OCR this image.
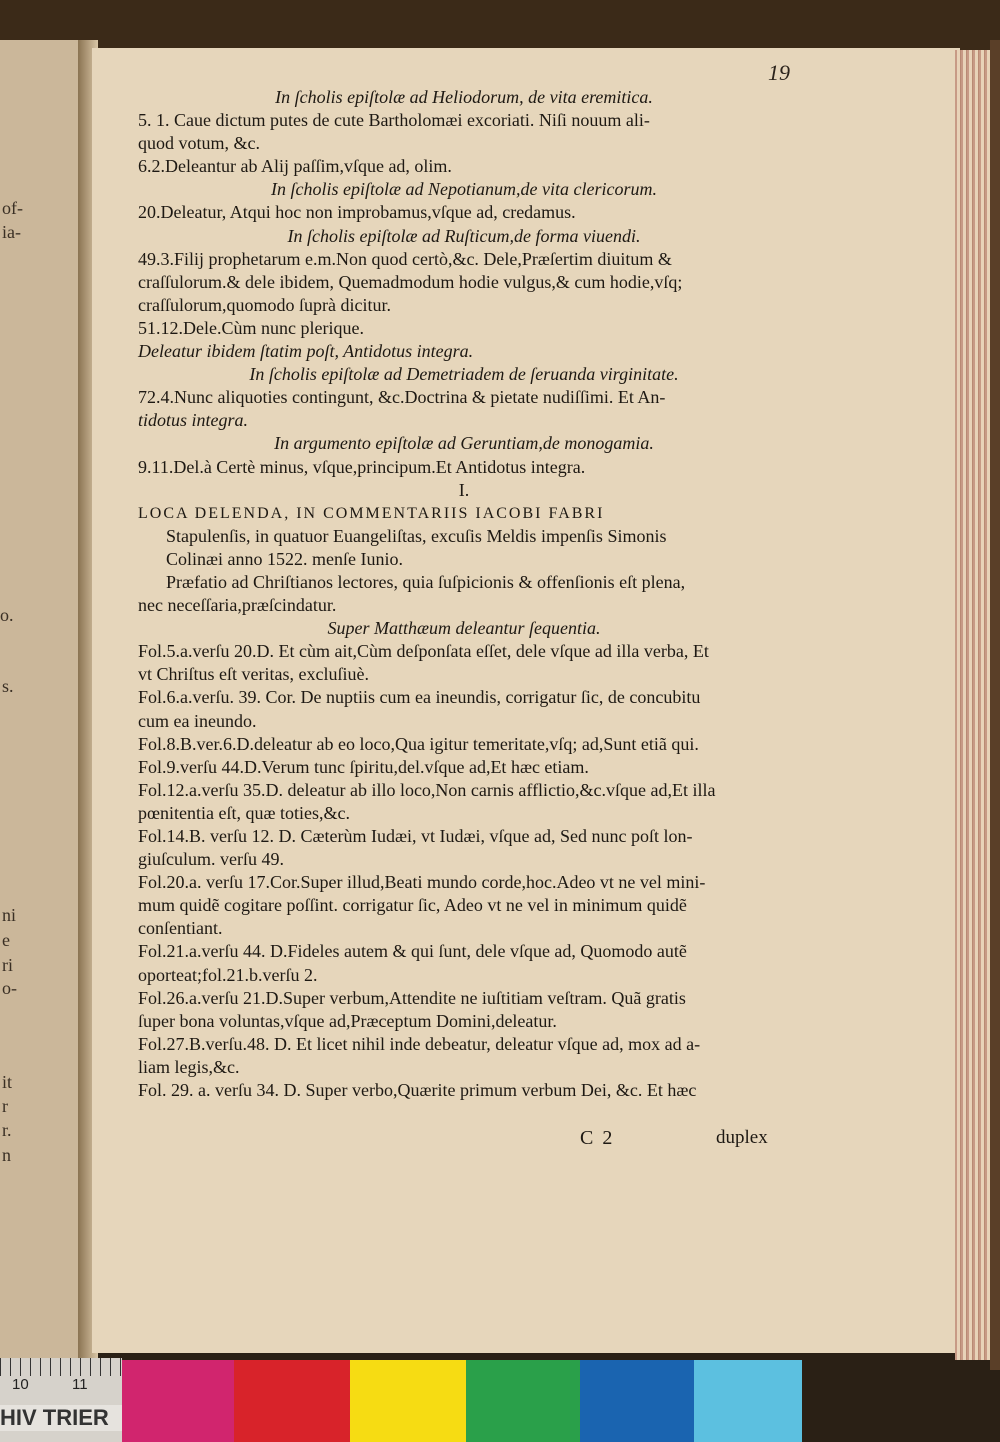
of-
ia-
o.
s.
ni
e
ri
o-
it
r
r.
n
19
In ſcholis epiſtolæ ad Heliodorum, de vita eremitica.
5. 1. Caue dictum putes de cute Bartholomæi excoriati. Niſi nouum ali-
quod votum, &c.
6.2.Deleantur ab Alij paſſim,vſque ad, olim.
In ſcholis epiſtolæ ad Nepotianum,de vita clericorum.
20.Deleatur, Atqui hoc non improbamus,vſque ad, credamus.
In ſcholis epiſtolæ ad Ruſticum,de forma viuendi.
49.3.Filij prophetarum e.m.Non quod certò,&c. Dele,Præſertim diuitum &
craſſulorum.& dele ibidem, Quemadmodum hodie vulgus,& cum hodie,vſq;
craſſulorum,quomodo ſuprà dicitur.
51.12.Dele.Cùm nunc plerique.
Deleatur ibidem ſtatim poſt, Antidotus integra.
In ſcholis epiſtolæ ad Demetriadem de ſeruanda virginitate.
72.4.Nunc aliquoties contingunt, &c.Doctrina & pietate nudiſſimi. Et An-
tidotus integra.
In argumento epiſtolæ ad Geruntiam,de monogamia.
9.11.Del.à Certè minus, vſque,principum.Et Antidotus integra.
I.
LOCA DELENDA, IN COMMENTARIIS IACOBI FABRI
Stapulenſis, in quatuor Euangeliſtas, excuſis Meldis impenſis Simonis
Colinæi anno 1522. menſe Iunio.
Præfatio ad Chriſtianos lectores, quia ſuſpicionis & offenſionis eſt plena,
nec neceſſaria,præſcindatur.
Super Matthæum deleantur ſequentia.
Fol.5.a.verſu 20.D. Et cùm ait,Cùm deſponſata eſſet, dele vſque ad illa verba, Et
vt Chriſtus eſt veritas, excluſiuè.
Fol.6.a.verſu. 39. Cor. De nuptiis cum ea ineundis, corrigatur ſic, de concubitu
cum ea ineundo.
Fol.8.B.ver.6.D.deleatur ab eo loco,Qua igitur temeritate,vſq; ad,Sunt etiã qui.
Fol.9.verſu 44.D.Verum tunc ſpiritu,del.vſque ad,Et hæc etiam.
Fol.12.a.verſu 35.D. deleatur ab illo loco,Non carnis afflictio,&c.vſque ad,Et illa
pœnitentia eſt, quæ toties,&c.
Fol.14.B. verſu 12. D. Cæterùm Iudæi, vt Iudæi, vſque ad, Sed nunc poſt lon-
giuſculum. verſu 49.
Fol.20.a. verſu 17.Cor.Super illud,Beati mundo corde,hoc.Adeo vt ne vel mini-
mum quidẽ cogitare poſſint. corrigatur ſic, Adeo vt ne vel in minimum quidẽ
conſentiant.
Fol.21.a.verſu 44. D.Fideles autem & qui ſunt, dele vſque ad, Quomodo autẽ
oporteat;fol.21.b.verſu 2.
Fol.26.a.verſu 21.D.Super verbum,Attendite ne iuſtitiam veſtram. Quã gratis
ſuper bona voluntas,vſque ad,Præceptum Domini,deleatur.
Fol.27.B.verſu.48. D. Et licet nihil inde debeatur, deleatur vſque ad, mox ad a-
liam legis,&c.
Fol. 29. a. verſu 34. D. Super verbo,Quærite primum verbum Dei, &c. Et hæc
C 2	duplex
10	11
HIV TRIER
